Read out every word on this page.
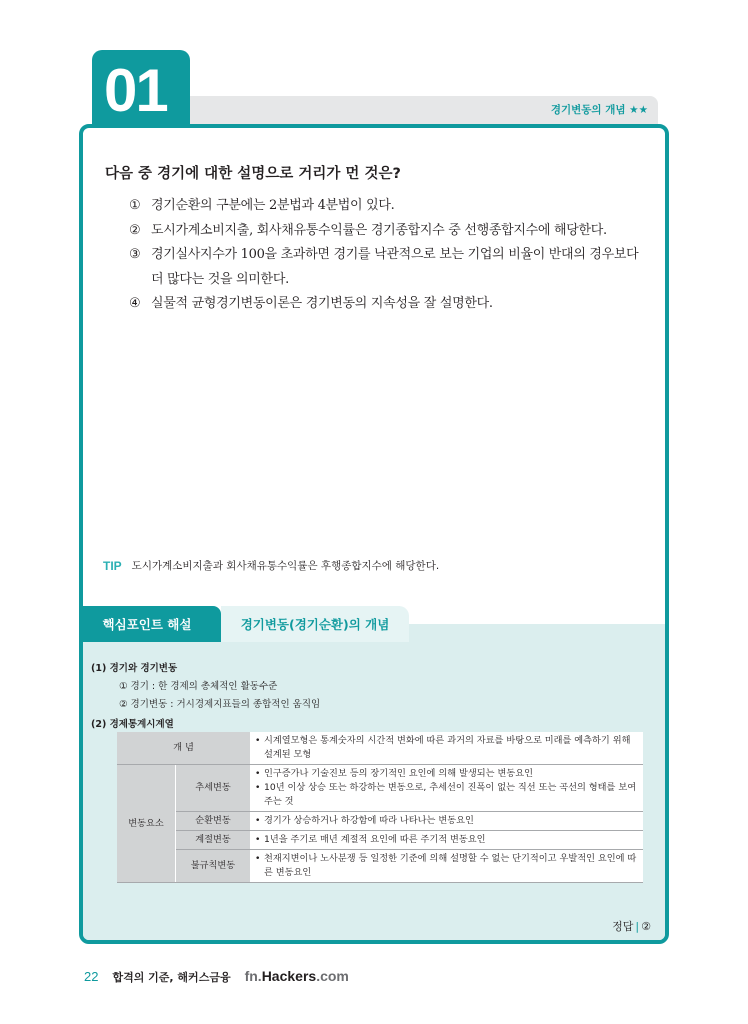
01	경기변동의 개념 ★★
다음 중 경기에 대한 설명으로 거리가 먼 것은?
① 경기순환의 구분에는 2분법과 4분법이 있다.
② 도시가계소비지출, 회사채유통수익률은 경기종합지수 중 선행종합지수에 해당한다.
③ 경기실사지수가 100을 초과하면 경기를 낙관적으로 보는 기업의 비율이 반대의 경우보다 더 많다는 것을 의미한다.
④ 실물적 균형경기변동이론은 경기변동의 지속성을 잘 설명한다.
TIP 도시가계소비지출과 회사채유통수익률은 후행종합지수에 해당한다.
핵심포인트 해설	경기변동(경기순환)의 개념
(1) 경기와 경기변동
① 경기 : 한 경제의 총체적인 활동수준
② 경기변동 : 거시경제지표들의 종합적인 움직임
(2) 경제통계시계열
개 념		• 시계열모형은 통계숫자의 시간적 변화에 따른 과거의 자료를 바탕으로 미래를 예측하기 위해 설계된 모형

변동요소	추세변동	• 인구증가나 기술진보 등의 장기적인 요인에 의해 발생되는 변동요인
• 10년 이상 상승 또는 하강하는 변동으로, 추세선이 진폭이 없는 직선 또는 곡선의 형태를 보여주는 것

	순환변동	• 경기가 상승하거나 하강함에 따라 나타나는 변동요인

	계절변동	• 1년을 주기로 매년 계절적 요인에 따른 주기적 변동요인

	불규칙변동	• 천재지변이나 노사분쟁 등 일정한 기준에 의해 설명할 수 없는 단기적이고 우발적인 요인에 따른 변동요인
정답 | ②
22 합격의 기준, 해커스금융 fn.Hackers.com
